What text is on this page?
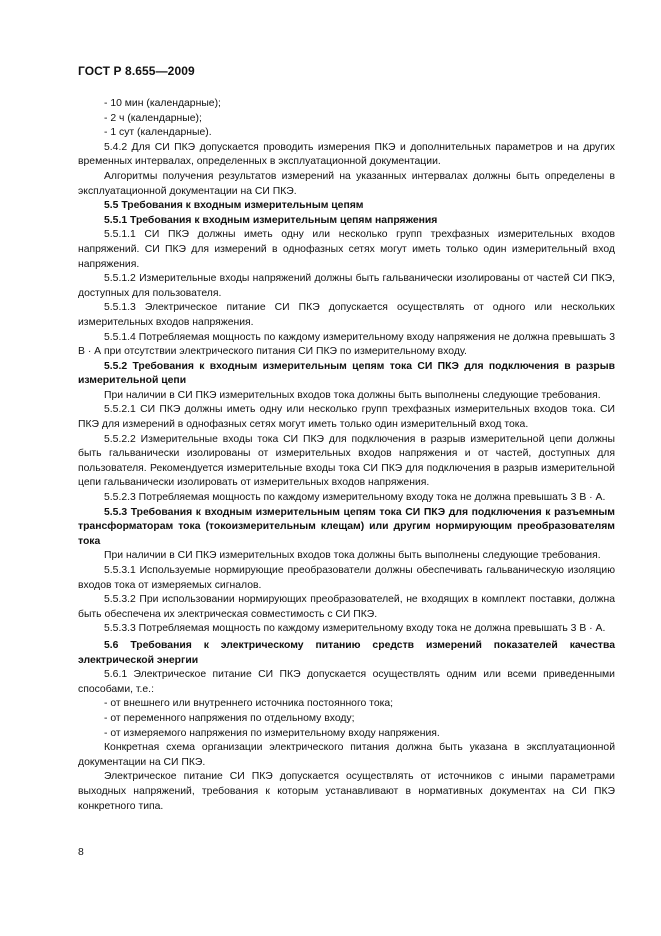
ГОСТ Р 8.655—2009

- 10 мин (календарные);

- 2 ч (календарные);

- 1 сут (календарные).

5.4.2 Для СИ ПКЭ допускается проводить измерения ПКЭ и дополнительных параметров и на других временных интервалах, определенных в эксплуатационной документации.

Алгоритмы получения результатов измерений на указанных интервалах должны быть определены в эксплуатационной документации на СИ ПКЭ.

5.5 Требования к входным измерительным цепям

5.5.1 Требования к входным измерительным цепям напряжения

5.5.1.1 СИ ПКЭ должны иметь одну или несколько групп трехфазных измерительных входов напряжений. СИ ПКЭ для измерений в однофазных сетях могут иметь только один измерительный вход напряжения.

5.5.1.2 Измерительные входы напряжений должны быть гальванически изолированы от частей СИ ПКЭ, доступных для пользователя.

5.5.1.3 Электрическое питание СИ ПКЭ допускается осуществлять от одного или нескольких измерительных входов напряжения.

5.5.1.4 Потребляемая мощность по каждому измерительному входу напряжения не должна превышать 3 В · А при отсутствии электрического питания СИ ПКЭ по измерительному входу.

5.5.2 Требования к входным измерительным цепям тока СИ ПКЭ для подключения в разрыв измерительной цепи

При наличии в СИ ПКЭ измерительных входов тока должны быть выполнены следующие требования.

5.5.2.1 СИ ПКЭ должны иметь одну или несколько групп трехфазных измерительных входов тока. СИ ПКЭ для измерений в однофазных сетях могут иметь только один измерительный вход тока.

5.5.2.2 Измерительные входы тока СИ ПКЭ для подключения в разрыв измерительной цепи должны быть гальванически изолированы от измерительных входов напряжения и от частей, доступных для пользователя. Рекомендуется измерительные входы тока СИ ПКЭ для подключения в разрыв измерительной цепи гальванически изолировать от измерительных входов напряжения.

5.5.2.3 Потребляемая мощность по каждому измерительному входу тока не должна превышать 3 В · А.

5.5.3 Требования к входным измерительным цепям тока СИ ПКЭ для подключения к разъемным трансформаторам тока (токоизмерительным клещам) или другим нормирующим преобразователям тока

При наличии в СИ ПКЭ измерительных входов тока должны быть выполнены следующие требования.

5.5.3.1 Используемые нормирующие преобразователи должны обеспечивать гальваническую изоляцию входов тока от измеряемых сигналов.

5.5.3.2 При использовании нормирующих преобразователей, не входящих в комплект поставки, должна быть обеспечена их электрическая совместимость с СИ ПКЭ.

5.5.3.3 Потребляемая мощность по каждому измерительному входу тока не должна превышать 3 В · А.

5.6 Требования к электрическому питанию средств измерений показателей качества электрической энергии

5.6.1 Электрическое питание СИ ПКЭ допускается осуществлять одним или всеми приведенными способами, т.е.:

- от внешнего или внутреннего источника постоянного тока;

- от переменного напряжения по отдельному входу;

- от измеряемого напряжения по измерительному входу напряжения.

Конкретная схема организации электрического питания должна быть указана в эксплуатационной документации на СИ ПКЭ.

Электрическое питание СИ ПКЭ допускается осуществлять от источников с иными параметрами выходных напряжений, требования к которым устанавливают в нормативных документах на СИ ПКЭ конкретного типа.

8
